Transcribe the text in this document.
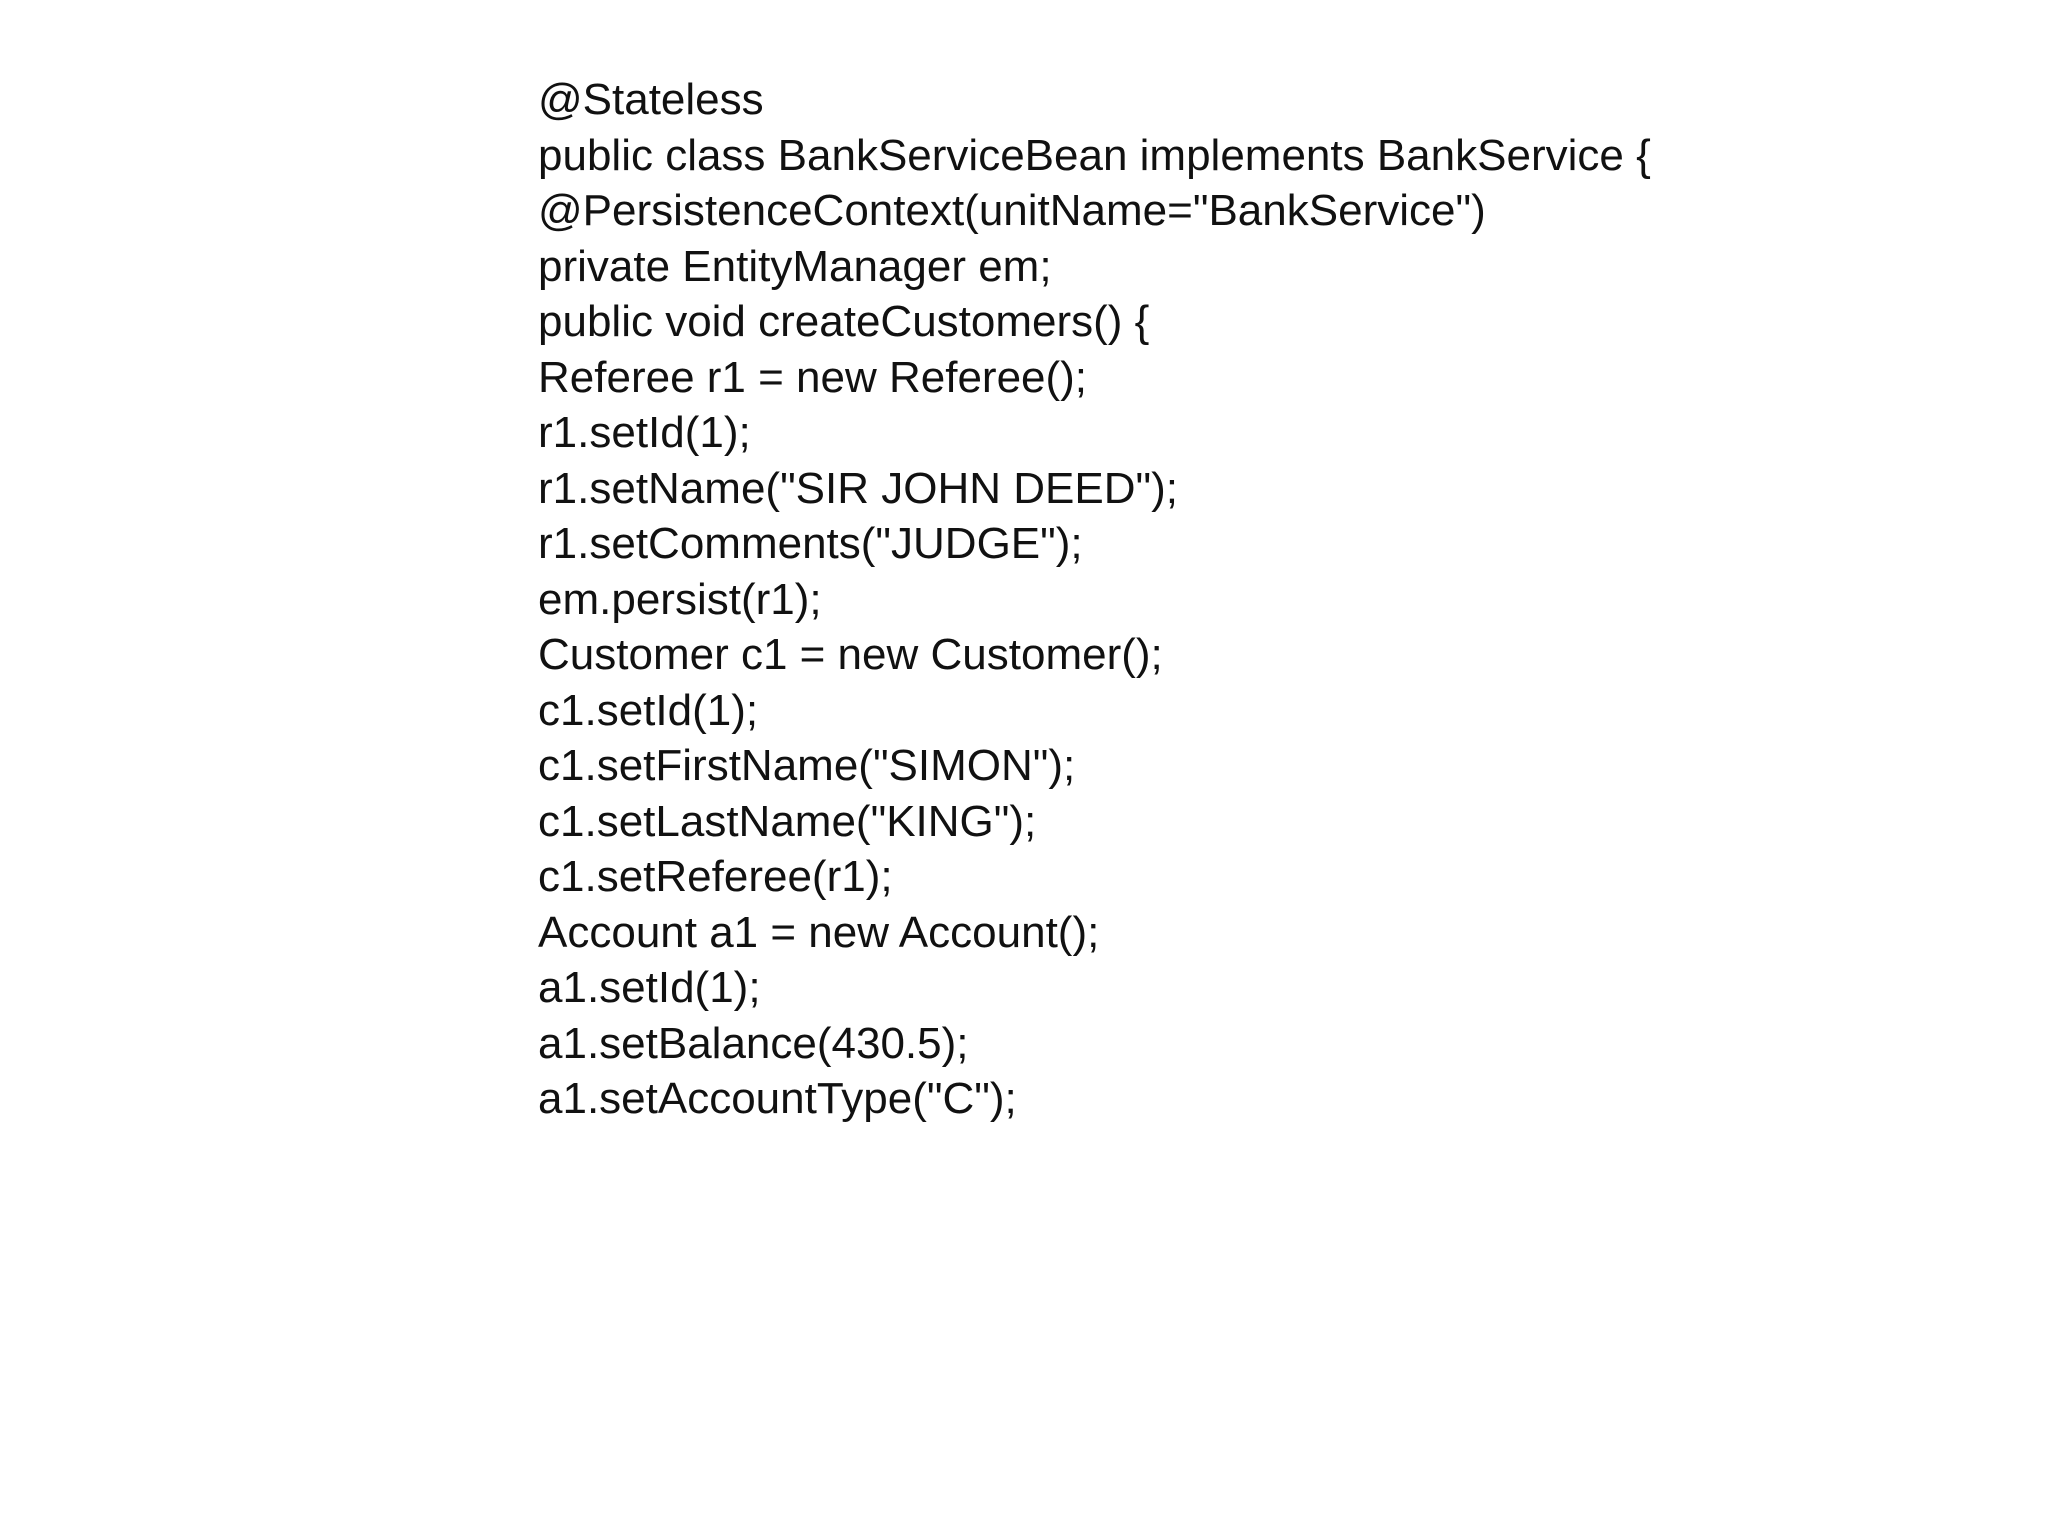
@Stateless
public class BankServiceBean implements BankService {
@PersistenceContext(unitName="BankService")
private EntityManager em;
public void createCustomers() {
Referee r1 = new Referee();
r1.setId(1);
r1.setName("SIR JOHN DEED");
r1.setComments("JUDGE");
em.persist(r1);
Customer c1 = new Customer();
c1.setId(1);
c1.setFirstName("SIMON");
c1.setLastName("KING");
c1.setReferee(r1);
Account a1 = new Account();
a1.setId(1);
a1.setBalance(430.5);
a1.setAccountType("C");
